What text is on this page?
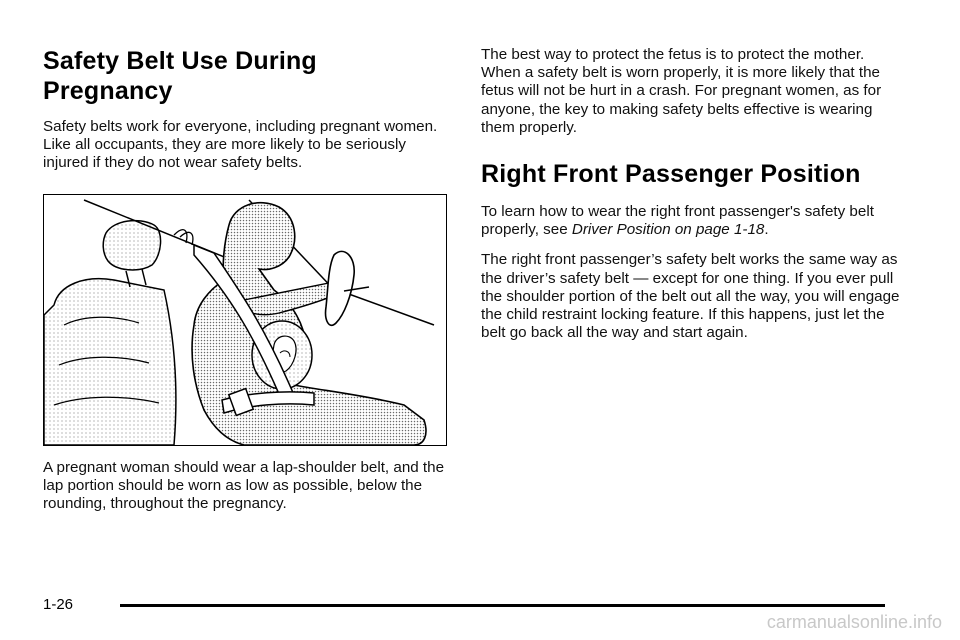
Safety Belt Use During Pregnancy

Safety belts work for everyone, including pregnant women. Like all occupants, they are more likely to be seriously injured if they do not wear safety belts.

A pregnant woman should wear a lap-shoulder belt, and the lap portion should be worn as low as possible, below the rounding, throughout the pregnancy.

The best way to protect the fetus is to protect the mother. When a safety belt is worn properly, it is more likely that the fetus will not be hurt in a crash. For pregnant women, as for anyone, the key to making safety belts effective is wearing them properly.

Right Front Passenger Position

To learn how to wear the right front passenger's safety belt properly, see Driver Position on page 1-18.

The right front passenger’s safety belt works the same way as the driver’s safety belt — except for one thing. If you ever pull the shoulder portion of the belt out all the way, you will engage the child restraint locking feature. If this happens, just let the belt go back all the way and start again.

1-26
carmanualsonline.info
